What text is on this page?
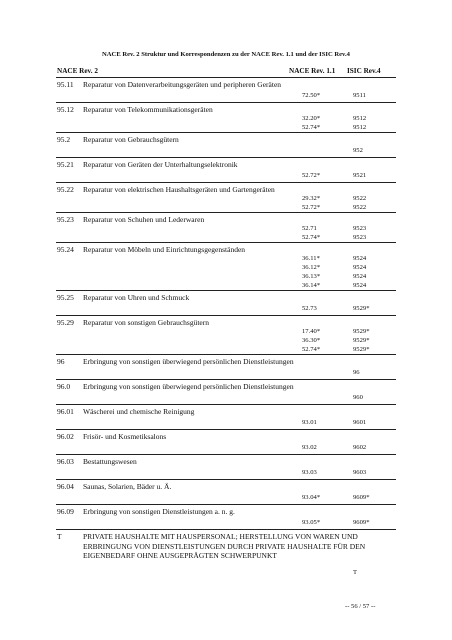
NACE Rev. 2 Struktur und Korrespondenzen zu der NACE Rev. 1.1 und der ISIC Rev.4
NACE Rev. 2	NACE Rev. 1.1 ISIC Rev.4
95.11 Reparatur von Datenverarbeitungsgeräten und peripheren Geräten
72.50*	9511
95.12 Reparatur von Telekommunikationsgeräten
32.20*	9512
52.74*	9512
95.2 Reparatur von Gebrauchsgütern
952
95.21 Reparatur von Geräten der Unterhaltungselektronik
52.72*	9521
95.22 Reparatur von elektrischen Haushaltsgeräten und Gartengeräten
29.32*	9522
52.72*	9522
95.23 Reparatur von Schuhen und Lederwaren
52.71	9523
52.74*	9523
95.24 Reparatur von Möbeln und Einrichtungsgegenständen
36.11*	9524
36.12*	9524
36.13*	9524
36.14*	9524
95.25 Reparatur von Uhren und Schmuck
52.73	9529*
95.29 Reparatur von sonstigen Gebrauchsgütern
17.40*	9529*
36.30*	9529*
52.74*	9529*
96 Erbringung von sonstigen überwiegend persönlichen Dienstleistungen
96
96.0 Erbringung von sonstigen überwiegend persönlichen Dienstleistungen
960
96.01 Wäscherei und chemische Reinigung
93.01	9601
96.02 Frisör- und Kosmetiksalons
93.02	9602
96.03 Bestattungswesen
93.03	9603
96.04 Saunas, Solarien, Bäder u. Ä.
93.04*	9609*
96.09 Erbringung von sonstigen Dienstleistungen a. n. g.
93.05*	9609*
T	PRIVATE HAUSHALTE MIT HAUSPERSONAL; HERSTELLUNG VON WAREN UND ERBRINGUNG VON DIENSTLEISTUNGEN DURCH PRIVATE HAUSHALTE FÜR DEN EIGENBEDARF OHNE AUSGEPRÄGTEN SCHWERPUNKT
T
-- 56 / 57 --
